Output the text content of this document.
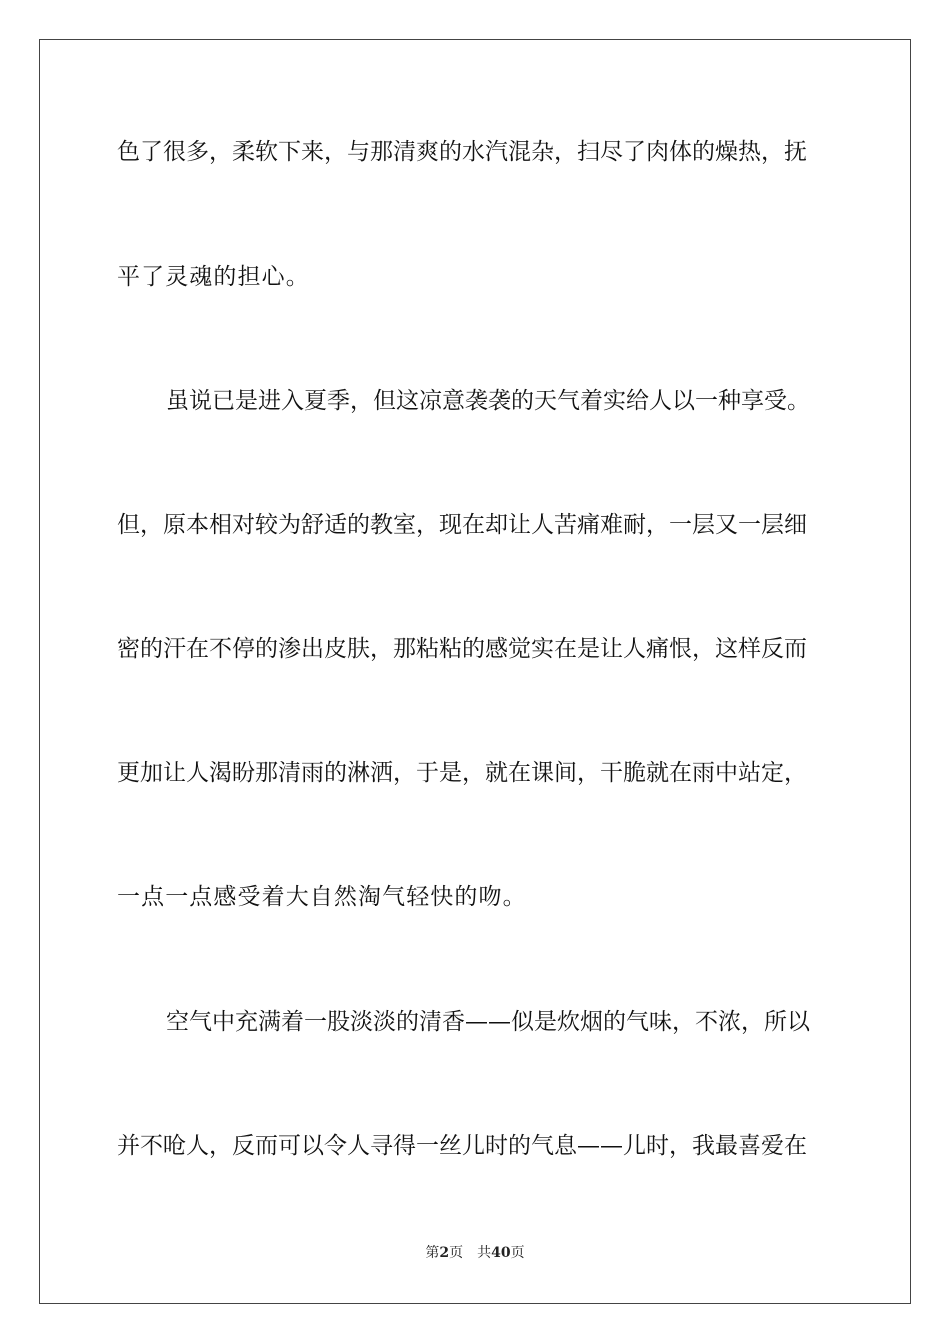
色了很多，柔软下来，与那清爽的水汽混杂，扫尽了肉体的燥热，抚
平了灵魂的担心。
虽说已是进入夏季，但这凉意袭袭的天气着实给人以一种享受。
但，原本相对较为舒适的教室，现在却让人苦痛难耐，一层又一层细
密的汗在不停的渗出皮肤，那粘粘的感觉实在是让人痛恨，这样反而
更加让人渴盼那清雨的淋洒，于是，就在课间，干脆就在雨中站定，
一点一点感受着大自然淘气轻快的吻。
空气中充满着一股淡淡的清香——似是炊烟的气味，不浓，所以
并不呛人，反而可以令人寻得一丝儿时的气息——儿时，我最喜爱在
第2页 共40页
